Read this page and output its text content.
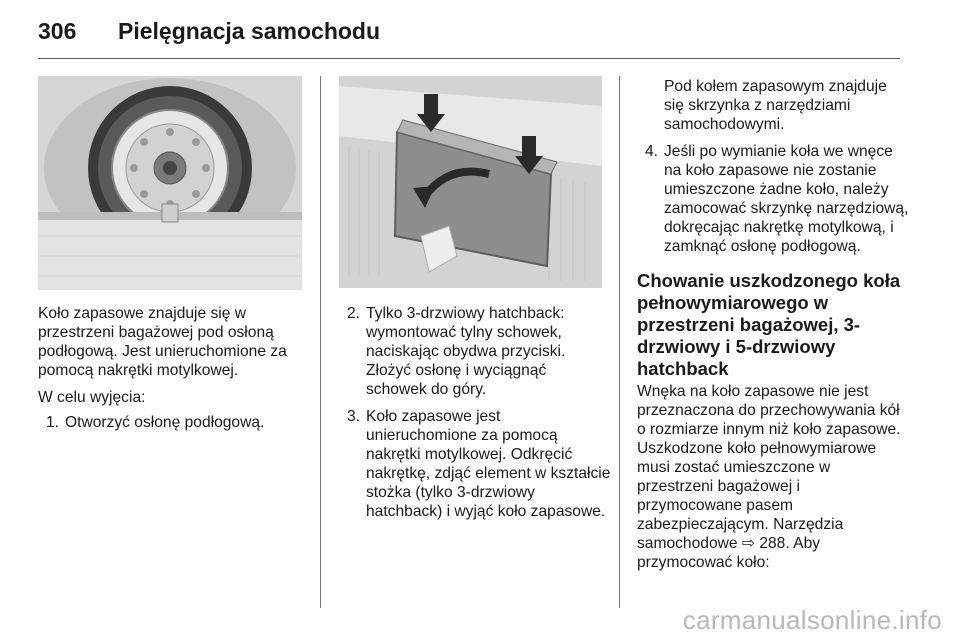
306 Pielęgnacja samochodu

Koło zapasowe znajduje się w przestrzeni bagażowej pod osłoną podłogową. Jest unieruchomione za pomocą nakrętki motylkowej.

W celu wyjęcia:

1. Otworzyć osłonę podłogową.
2. Tylko 3-drzwiowy hatchback: wymontować tylny schowek, naciskając obydwa przyciski. Złożyć osłonę i wyciągnąć schowek do góry.
3. Koło zapasowe jest unieruchomione za pomocą nakrętki motylkowej. Odkręcić nakrętkę, zdjąć element w kształcie stożka (tylko 3-drzwiowy hatchback) i wyjąć koło zapasowe.
Pod kołem zapasowym znajduje się skrzynka z narzędziami samochodowymi.
4. Jeśli po wymianie koła we wnęce na koło zapasowe nie zostanie umieszczone żadne koło, należy zamocować skrzynkę narzędziową, dokręcając nakrętkę motylkową, i zamknąć osłonę podłogową.
Chowanie uszkodzonego koła pełnowymiarowego w przestrzeni bagażowej, 3-drzwiowy i 5-drzwiowy hatchback

Wnęka na koło zapasowe nie jest przeznaczona do przechowywania kół o rozmiarze innym niż koło zapasowe. Uszkodzone koło pełnowymiarowe musi zostać umieszczone w przestrzeni bagażowej i przymocowane pasem zabezpieczającym. Narzędzia samochodowe ⇨ 288. Aby przymocować koło:

carmanualsonline.info
